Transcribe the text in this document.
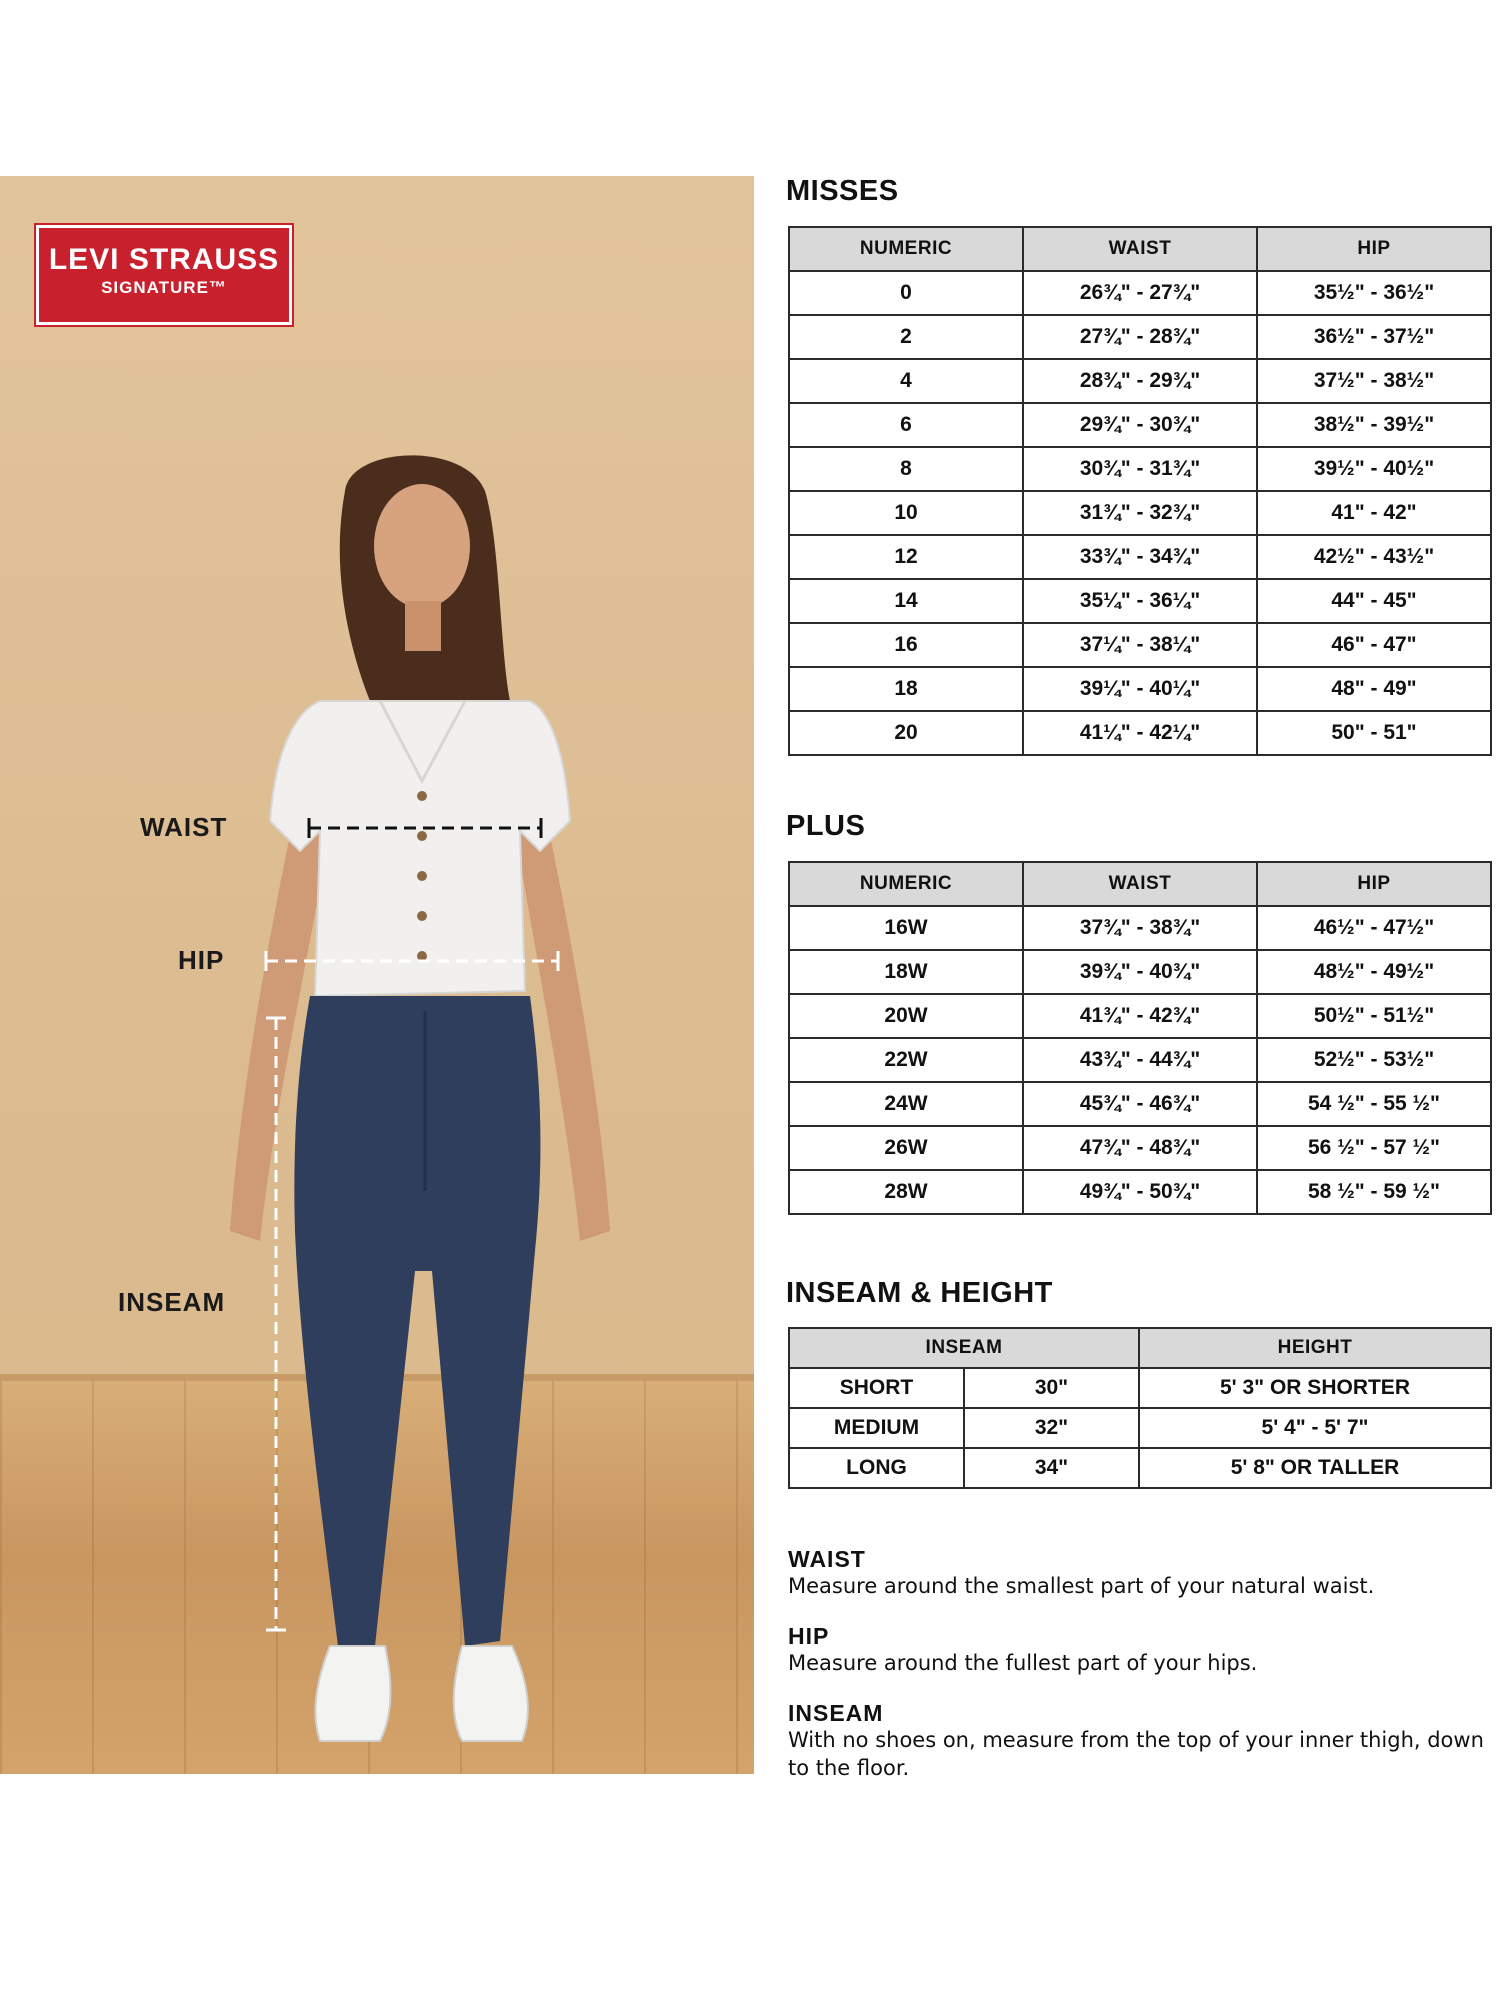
LEVI STRAUSS
SIGNATURE™
WAIST
HIP
INSEAM
MISSES
NUMERIC	WAIST	HIP
0	26¾" - 27¾"	35½" - 36½"
2	27¾" - 28¾"	36½" - 37½"
4	28¾" - 29¾"	37½" - 38½"
6	29¾" - 30¾"	38½" - 39½"
8	30¾" - 31¾"	39½" - 40½"
10	31¾" - 32¾"	41" - 42"
12	33¾" - 34¾"	42½" - 43½"
14	35¼" - 36¼"	44" - 45"
16	37¼" - 38¼"	46" - 47"
18	39¼" - 40¼"	48" - 49"
20	41¼" - 42¼"	50" - 51"
PLUS
NUMERIC	WAIST	HIP
16W	37¾" - 38¾"	46½" - 47½"
18W	39¾" - 40¾"	48½" - 49½"
20W	41¾" - 42¾"	50½" - 51½"
22W	43¾" - 44¾"	52½" - 53½"
24W	45¾" - 46¾"	54 ½" - 55 ½"
26W	47¾" - 48¾"	56 ½" - 57 ½"
28W	49¾" - 50¾"	58 ½" - 59 ½"
INSEAM & HEIGHT
INSEAM		HEIGHT
SHORT	30"	5' 3" OR SHORTER
MEDIUM	32"	5' 4" - 5' 7"
LONG	34"	5' 8" OR TALLER
WAIST

Measure around the smallest part of your natural waist.

HIP

Measure around the fullest part of your hips.

INSEAM

With no shoes on, measure from the top of your inner thigh, down to the floor.
